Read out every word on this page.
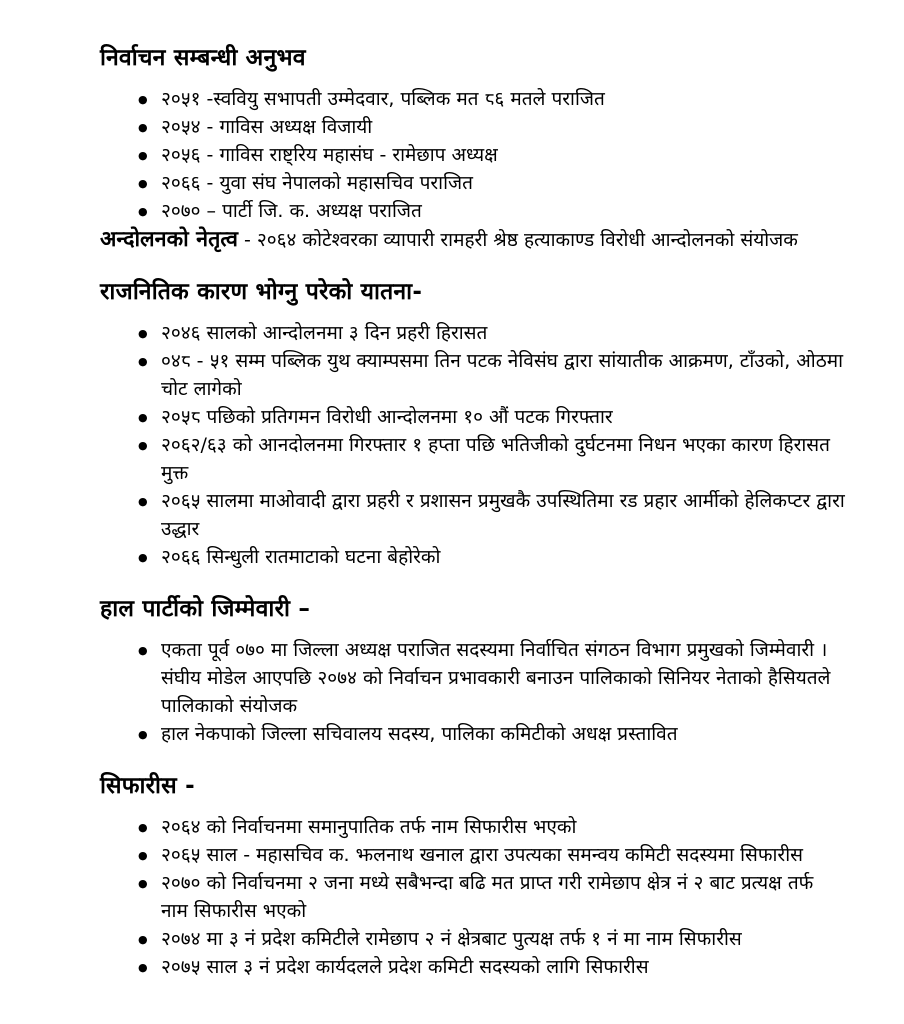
निर्वाचन सम्बन्धी अनुभव
● २०५१ -स्ववियु सभापती उम्मेदवार, पब्लिक मत ८६ मतले पराजित
● २०५४ - गाविस अध्यक्ष विजायी
● २०५६ - गाविस राष्ट्रिय महासंघ - रामेछाप अध्यक्ष
● २०६६ - युवा संघ नेपालको महासचिव पराजित
● २०७० – पार्टी जि. क. अध्यक्ष पराजित

अन्दोलनको नेतृत्व - २०६४ कोटेश्वरका व्यापारी रामहरी श्रेष्ठ हत्याकाण्ड विरोधी आन्दोलनको संयोजक

राजनितिक कारण भोग्नु परेको यातना-
● २०४६ सालको आन्दोलनमा ३ दिन प्रहरी हिरासत
● ०४८ - ५१ सम्म पब्लिक युथ क्याम्पसमा तिन पटक नेविसंघ द्वारा सांयातीक आक्रमण, टाँउको, ओठमा चोट लागेको
● २०५८ पछिको प्रतिगमन विरोधी आन्दोलनमा १० औं पटक गिरफ्तार
● २०६२/६३ को आनदोलनमा गिरफ्तार १ हप्ता पछि भतिजीको दुर्घटनमा निधन भएका कारण हिरासत मुक्त
● २०६५ सालमा माओवादी द्वारा प्रहरी र प्रशासन प्रमुखकै उपस्थितिमा रड प्रहार आर्मीको हेलिकप्टर द्वारा उद्धार
● २०६६ सिन्धुली रातमाटाको घटना बेहोरेको
हाल पार्टीको जिम्मेवारी –
● एकता पूर्व ०७० मा जिल्ला अध्यक्ष पराजित सदस्यमा निर्वाचित संगठन विभाग प्रमुखको जिम्मेवारी । संघीय मोडेल आएपछि २०७४ को निर्वाचन प्रभावकारी बनाउन पालिकाको सिनियर नेताको हैसियतले पालिकाको संयोजक
● हाल नेकपाको जिल्ला सचिवालय सदस्य, पालिका कमिटीको अधक्ष प्रस्तावित
सिफारीस -
● २०६४ को निर्वाचनमा समानुपातिक तर्फ नाम सिफारीस भएको
● २०६५ साल - महासचिव क. झलनाथ खनाल द्वारा उपत्यका समन्वय कमिटी सदस्यमा सिफारीस
● २०७० को निर्वाचनमा २ जना मध्ये सबैभन्दा बढि मत प्राप्त गरी रामेछाप क्षेत्र नं २ बाट प्रत्यक्ष तर्फ नाम सिफारीस भएको
● २०७४ मा ३ नं प्रदेश कमिटीले रामेछाप २ नं क्षेत्रबाट पुत्यक्ष तर्फ १ नं मा नाम सिफारीस
● २०७५ साल ३ नं प्रदेश कार्यदलले प्रदेश कमिटी सदस्यको लागि सिफारीस
